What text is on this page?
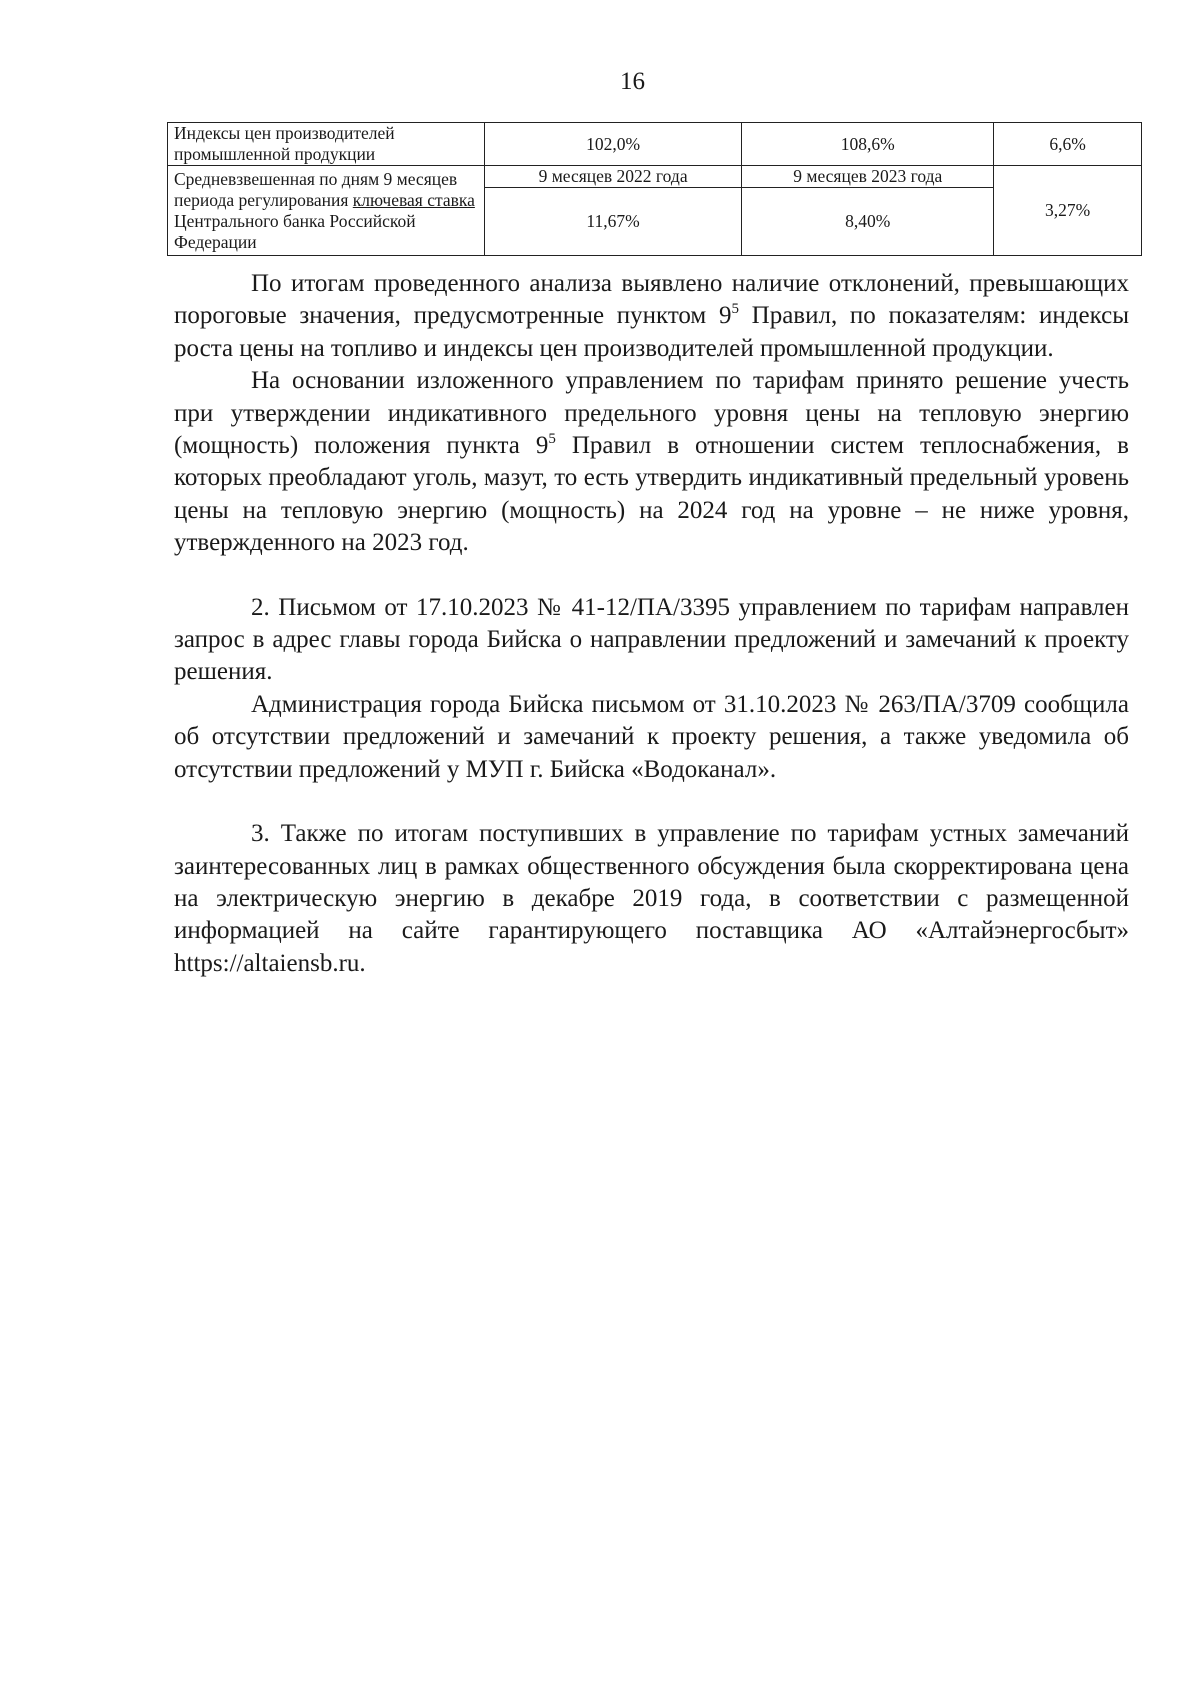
16
Индексы цен производителей промышленной продукции	102,0%	108,6%	6,6%
Средневзвешенная по дням 9 месяцев периода регулирования ключевая ставка Центрального банка Российской Федерации	9 месяцев 2022 года	9 месяцев 2023 года	3,27%
	11,67%	8,40%	

По итогам проведенного анализа выявлено наличие отклонений, превышающих пороговые значения, предусмотренные пунктом $9^5$ Правил, по показателям: индексы роста цены на топливо и индексы цен производителей промышленной продукции.

На основании изложенного управлением по тарифам принято решение учесть при утверждении индикативного предельного уровня цены на тепловую энергию (мощность) положения пункта $9^5$ Правил в отношении систем теплоснабжения, в которых преобладают уголь, мазут, то есть утвердить индикативный предельный уровень цены на тепловую энергию (мощность) на 2024 год на уровне – не ниже уровня, утвержденного на 2023 год.

2. Письмом от 17.10.2023 № 41-12/ПА/3395 управлением по тарифам направлен запрос в адрес главы города Бийска о направлении предложений и замечаний к проекту решения.

Администрация города Бийска письмом от 31.10.2023 № 263/ПА/3709 сообщила об отсутствии предложений и замечаний к проекту решения, а также уведомила об отсутствии предложений у МУП г. Бийска «Водоканал».

3. Также по итогам поступивших в управление по тарифам устных замечаний заинтересованных лиц в рамках общественного обсуждения была скорректирована цена на электрическую энергию в декабре 2019 года, в соответствии с размещенной информацией на сайте гарантирующего поставщика АО «Алтайэнергосбыт» https://altaiensb.ru.
